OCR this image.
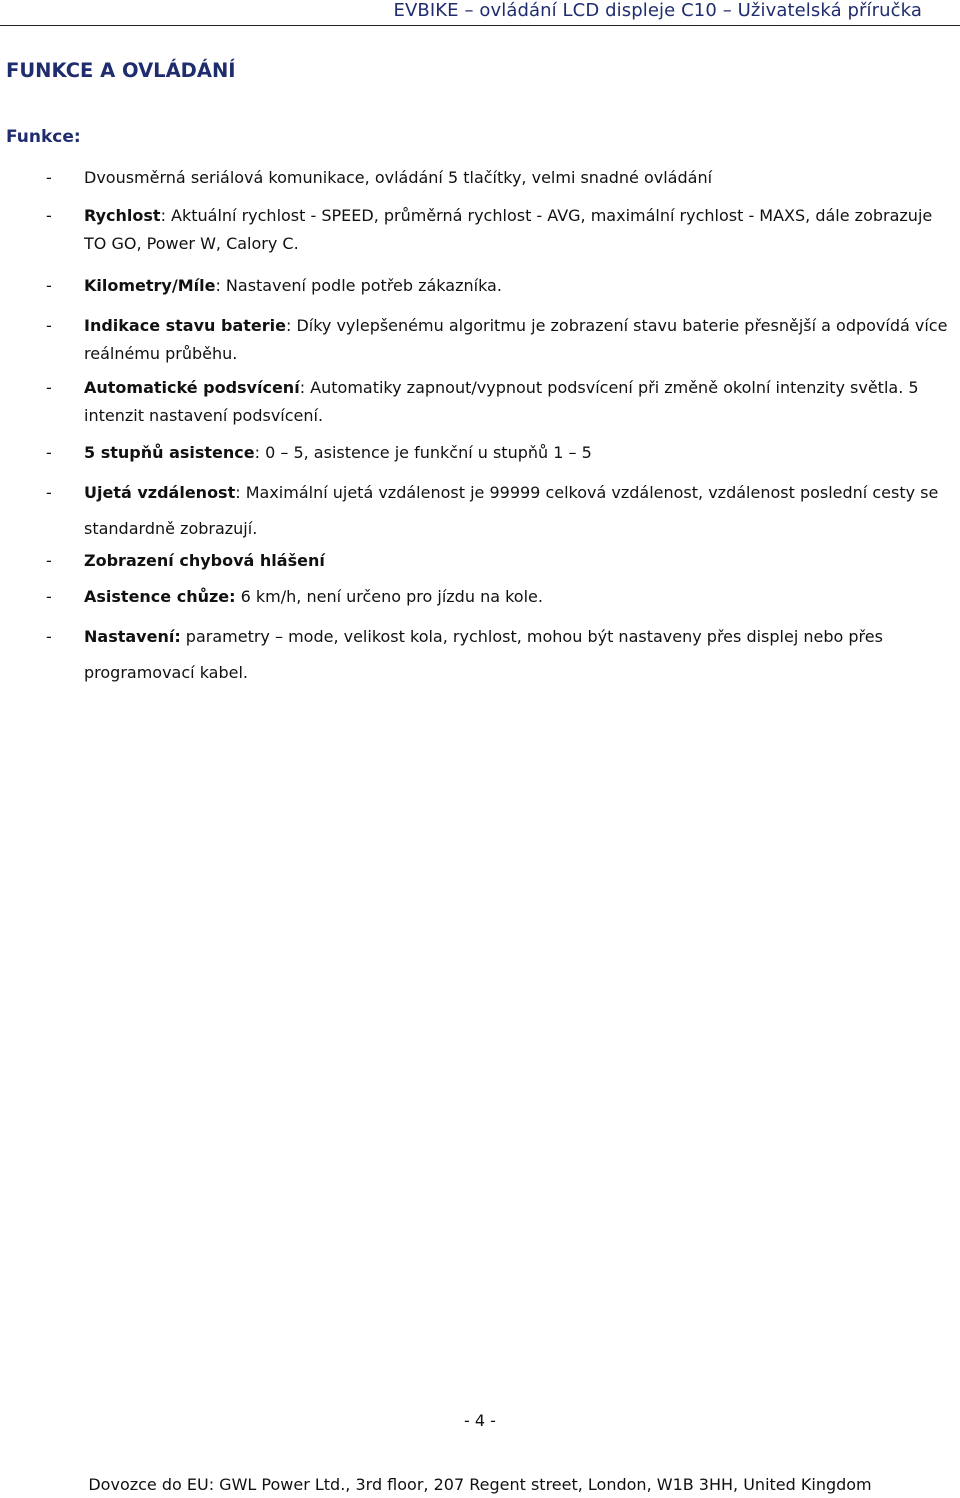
EVBIKE – ovládání LCD displeje C10 – Uživatelská příručka
FUNKCE A OVLÁDÁNÍ
Funkce:
- Dvousměrná seriálová komunikace, ovládání 5 tlačítky, velmi snadné ovládání
- Rychlost: Aktuální rychlost - SPEED, průměrná rychlost - AVG, maximální rychlost - MAXS, dále zobrazuje TO GO, Power W, Calory C.
- Kilometry/Míle: Nastavení podle potřeb zákazníka.
- Indikace stavu baterie: Díky vylepšenému algoritmu je zobrazení stavu baterie přesnější a odpovídá více reálnému průběhu.
- Automatické podsvícení: Automatiky zapnout/vypnout podsvícení při změně okolní intenzity světla. 5 intenzit nastavení podsvícení.
- 5 stupňů asistence: 0 – 5, asistence je funkční u stupňů 1 – 5
- Ujetá vzdálenost: Maximální ujetá vzdálenost je 99999 celková vzdálenost, vzdálenost poslední cesty se standardně zobrazují.
- Zobrazení chybová hlášení
- Asistence chůze: 6 km/h, není určeno pro jízdu na kole.
- Nastavení: parametry – mode, velikost kola, rychlost, mohou být nastaveny přes displej nebo přes programovací kabel.
- 4 -
Dovozce do EU: GWL Power Ltd., 3rd floor, 207 Regent street, London, W1B 3HH, United Kingdom
